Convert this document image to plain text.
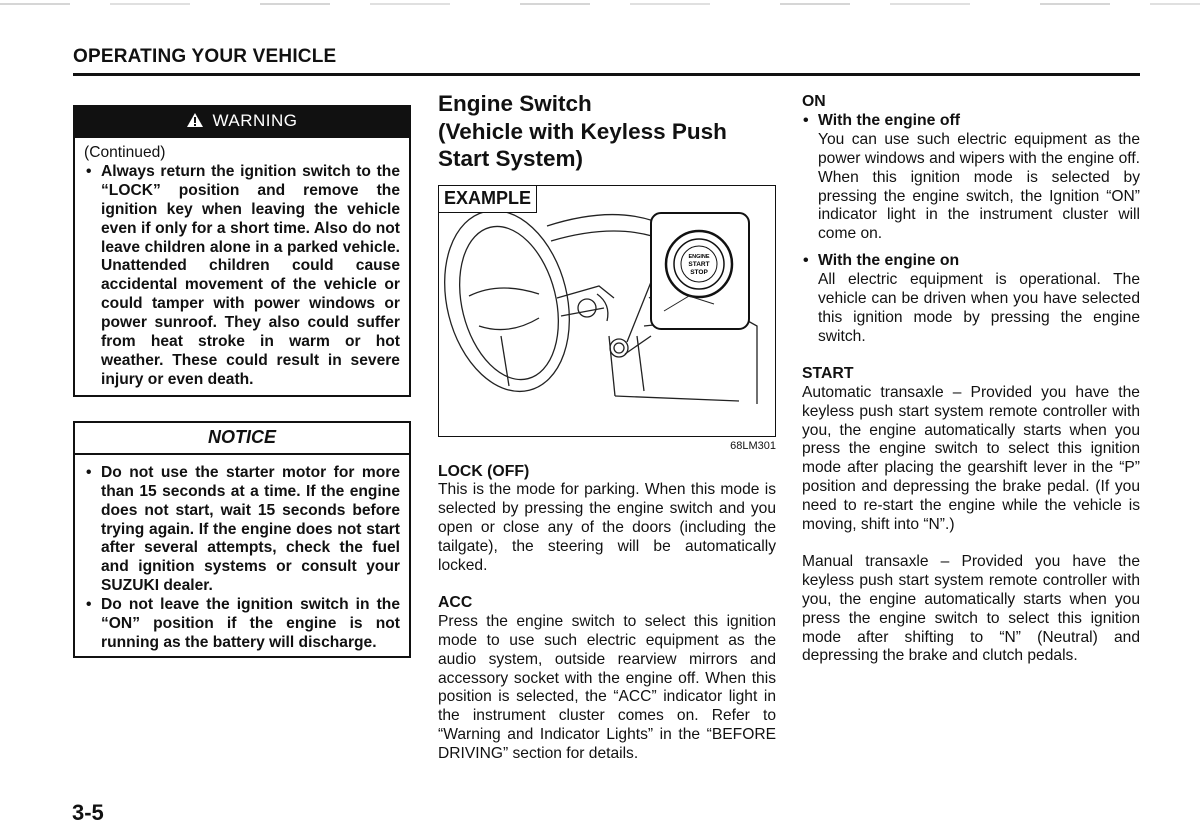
OPERATING YOUR VEHICLE
WARNING
(Continued)
• Always return the ignition switch to the “LOCK” position and remove the ignition key when leaving the vehicle even if only for a short time. Also do not leave children alone in a parked vehicle. Unattended children could cause accidental movement of the vehicle or could tamper with power windows or power sunroof. They also could suffer from heat stroke in warm or hot weather. These could result in severe injury or even death.
NOTICE
• Do not use the starter motor for more than 15 seconds at a time. If the engine does not start, wait 15 seconds before trying again. If the engine does not start after several attempts, check the fuel and ignition systems or consult your SUZUKI dealer.
• Do not leave the ignition switch in the “ON” position if the engine is not running as the battery will discharge.
Engine Switch
(Vehicle with Keyless Push
Start System)
ENGINE
START
STOP
EXAMPLE
68LM301
LOCK (OFF)
This is the mode for parking. When this mode is selected by pressing the engine switch and you open or close any of the doors (including the tailgate), the steering will be automatically locked.
ACC
Press the engine switch to select this ignition mode to use such electric equipment as the audio system, outside rearview mirrors and accessory socket with the engine off. When this position is selected, the “ACC” indicator light in the instrument cluster comes on. Refer to “Warning and Indicator Lights” in the “BEFORE DRIVING” section for details.
ON
• With the engine off
You can use such electric equipment as the power windows and wipers with the engine off. When this ignition mode is selected by pressing the engine switch, the Ignition “ON” indicator light in the instrument cluster will come on.
• With the engine on
All electric equipment is operational. The vehicle can be driven when you have selected this ignition mode by pressing the engine switch.
START
Automatic transaxle – Provided you have the keyless push start system remote controller with you, the engine automatically starts when you press the engine switch to select this ignition mode after placing the gearshift lever in the “P” position and depressing the brake pedal. (If you need to re-start the engine while the vehicle is moving, shift into “N”.)
Manual transaxle – Provided you have the keyless push start system remote controller with you, the engine automatically starts when you press the engine switch to select this ignition mode after shifting to “N” (Neutral) and depressing the brake and clutch pedals.
3-5
